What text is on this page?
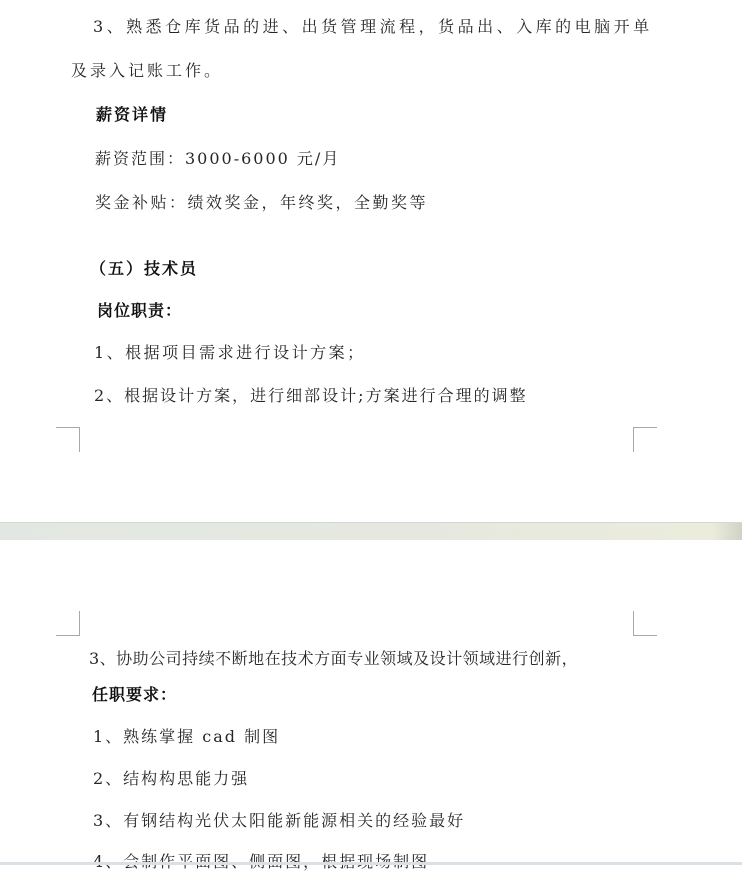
3、熟悉仓库货品的进、出货管理流程，货品出、入库的电脑开单
及录入记账工作。
薪资详情
薪资范围：3000-6000 元/月
奖金补贴：绩效奖金，年终奖，全勤奖等
（五）技术员
岗位职责：
1、根据项目需求进行设计方案；
2、根据设计方案，进行细部设计;方案进行合理的调整
3、协助公司持续不断地在技术方面专业领域及设计领域进行创新，
任职要求：
1、熟练掌握 cad 制图
2、结构构思能力强
3、有钢结构光伏太阳能新能源相关的经验最好
